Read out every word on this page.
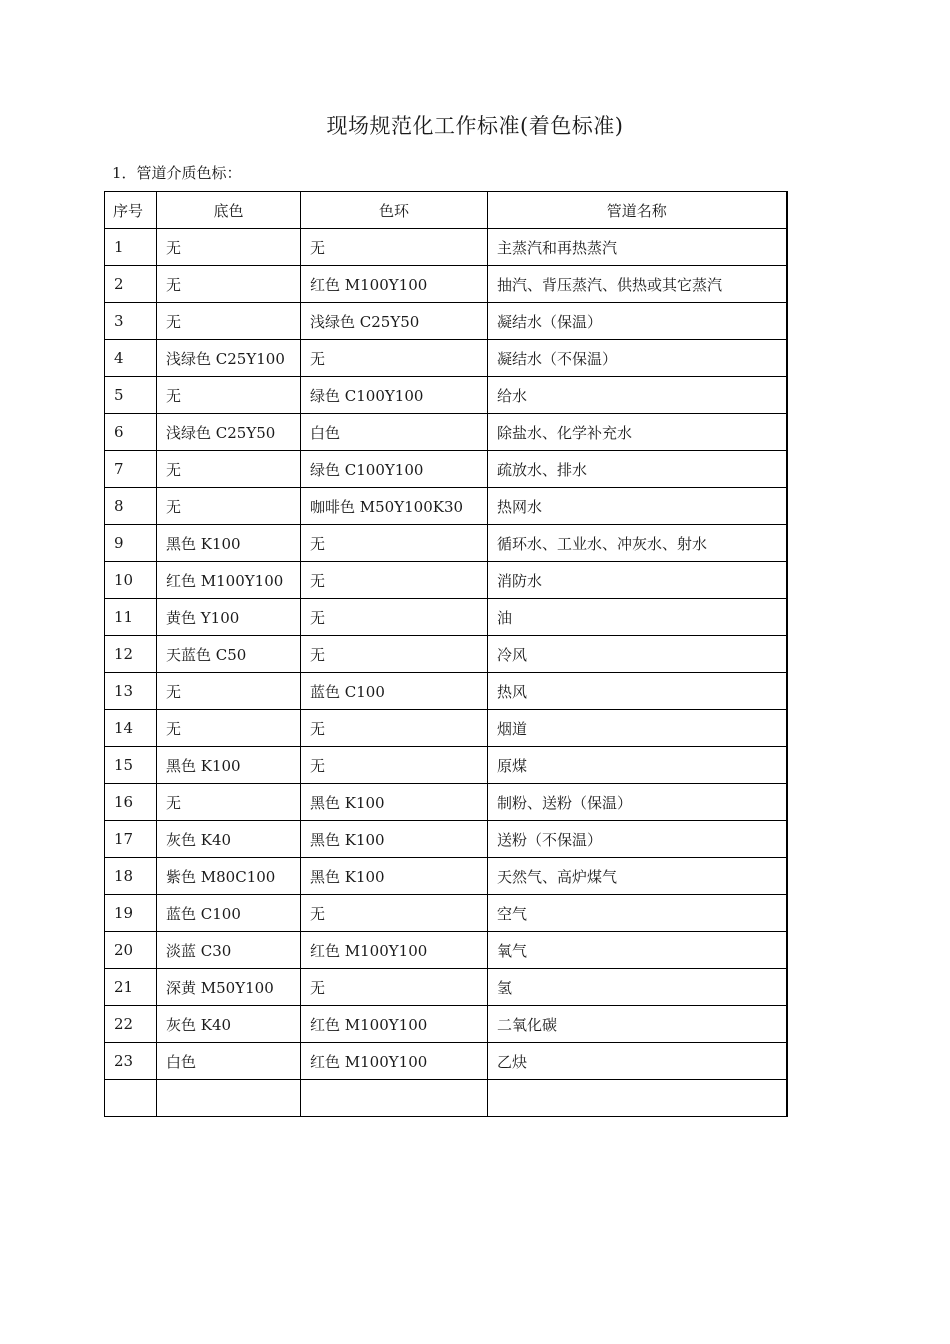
现场规范化工作标准(着色标准)
1．管道介质色标：
序号	底色	色环	管道名称
1	无	无	主蒸汽和再热蒸汽
2	无	红色 M100Y100	抽汽、背压蒸汽、供热或其它蒸汽
3	无	浅绿色 C25Y50	凝结水（保温）
4	浅绿色 C25Y100	无	凝结水（不保温）
5	无	绿色 C100Y100	给水
6	浅绿色 C25Y50	白色	除盐水、化学补充水
7	无	绿色 C100Y100	疏放水、排水
8	无	咖啡色 M50Y100K30	热网水
9	黑色 K100	无	循环水、工业水、冲灰水、射水
10	红色 M100Y100	无	消防水
11	黄色 Y100	无	油
12	天蓝色 C50	无	冷风
13	无	蓝色 C100	热风
14	无	无	烟道
15	黑色 K100	无	原煤
16	无	黑色 K100	制粉、送粉（保温）
17	灰色 K40	黑色 K100	送粉（不保温）
18	紫色 M80C100	黑色 K100	天然气、高炉煤气
19	蓝色 C100	无	空气
20	淡蓝 C30	红色 M100Y100	氧气
21	深黄 M50Y100	无	氢
22	灰色 K40	红色 M100Y100	二氧化碳
23	白色	红色 M100Y100	乙炔
